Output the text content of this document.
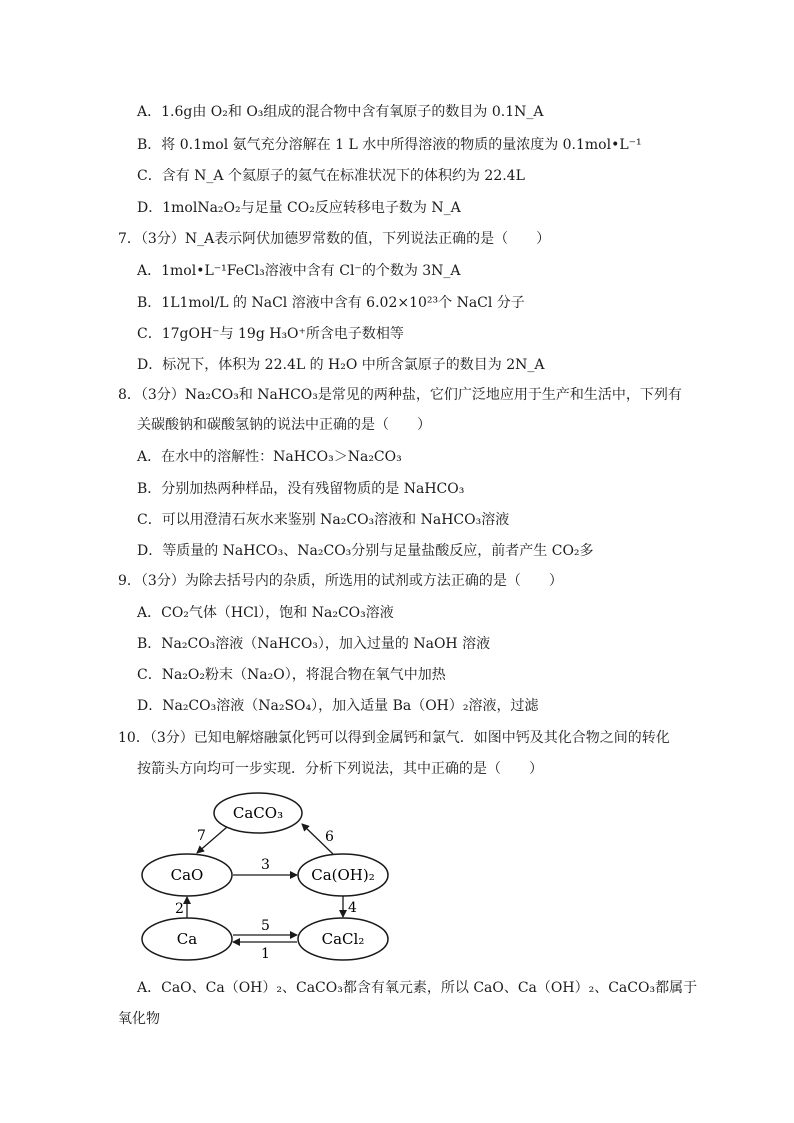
A．1.6g由 O₂和 O₃组成的混合物中含有氧原子的数目为 0.1N_A
B．将 0.1mol 氨气充分溶解在 1 L 水中所得溶液的物质的量浓度为 0.1mol•L⁻¹
C．含有 N_A 个氦原子的氦气在标准状况下的体积约为 22.4L
D．1molNa₂O₂与足量 CO₂反应转移电子数为 N_A
7．（3分）N_A表示阿伏加德罗常数的值，下列说法正确的是（　　）
A．1mol•L⁻¹FeCl₃溶液中含有 Cl⁻的个数为 3N_A
B．1L1mol/L 的 NaCl 溶液中含有 6.02×10²³个 NaCl 分子
C．17gOH⁻与 19g H₃O⁺所含电子数相等
D．标况下，体积为 22.4L 的 H₂O 中所含氯原子的数目为 2N_A
8．（3分）Na₂CO₃和 NaHCO₃是常见的两种盐，它们广泛地应用于生产和生活中，下列有
关碳酸钠和碳酸氢钠的说法中正确的是（　　）
A．在水中的溶解性：NaHCO₃＞Na₂CO₃
B．分别加热两种样品，没有残留物质的是 NaHCO₃
C．可以用澄清石灰水来鉴别 Na₂CO₃溶液和 NaHCO₃溶液
D．等质量的 NaHCO₃、Na₂CO₃分别与足量盐酸反应，前者产生 CO₂多
9．（3分）为除去括号内的杂质，所选用的试剂或方法正确的是（　　）
A．CO₂气体（HCl），饱和 Na₂CO₃溶液
B．Na₂CO₃溶液（NaHCO₃），加入过量的 NaOH 溶液
C．Na₂O₂粉末（Na₂O），将混合物在氧气中加热
D．Na₂CO₃溶液（Na₂SO₄），加入适量 Ba（OH）₂溶液，过滤
10．（3分）已知电解熔融氯化钙可以得到金属钙和氯气．如图中钙及其化合物之间的转化
按箭头方向均可一步实现．分析下列说法，其中正确的是（　　）
CaCO₃
CaO	Ca(OH)₂
Ca	CaCl₂
7	6
3
2	4
5
1
A．CaO、Ca（OH）₂、CaCO₃都含有氧元素，所以 CaO、Ca（OH）₂、CaCO₃都属于
氧化物
